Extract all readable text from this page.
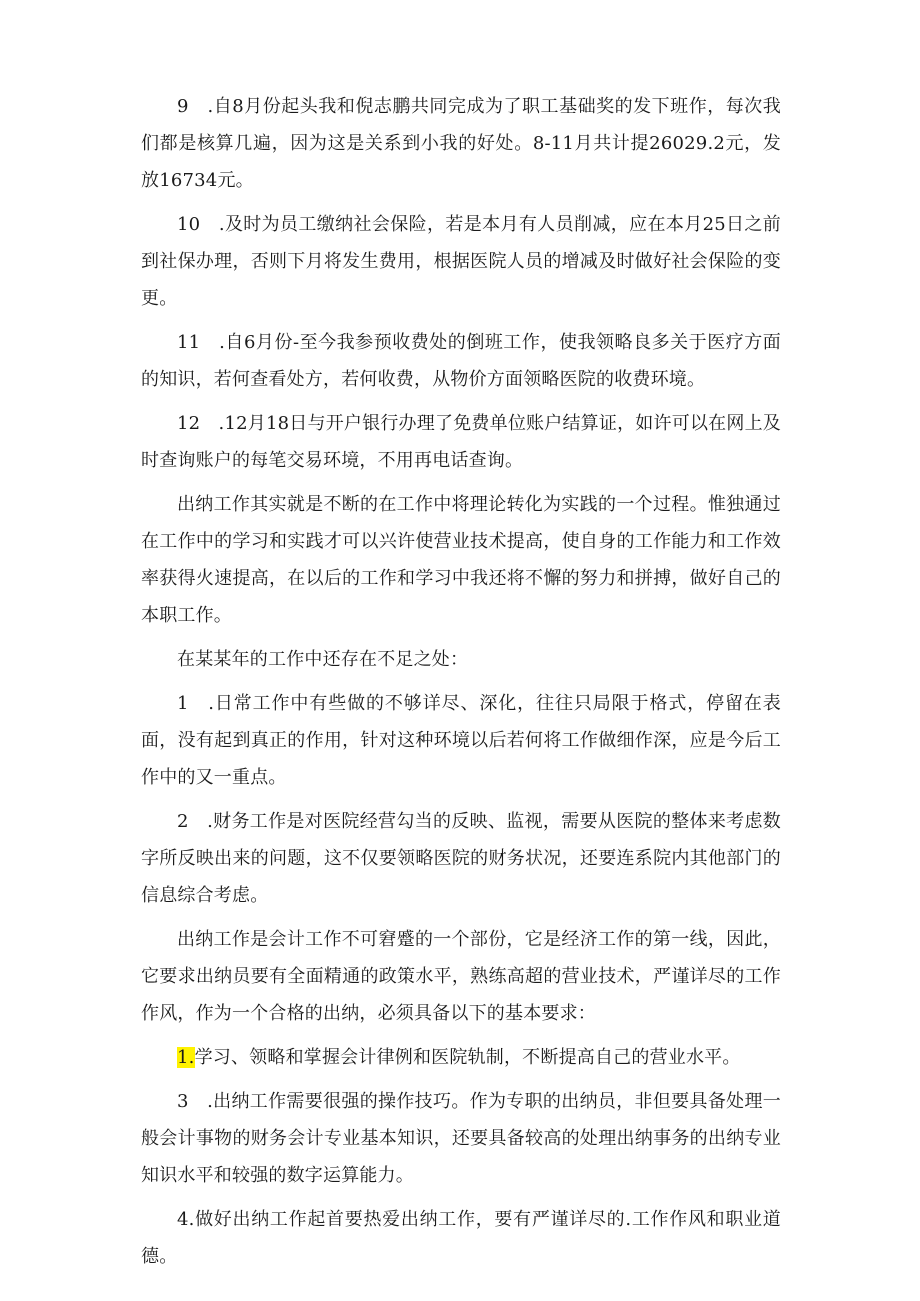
9　.自8月份起头我和倪志鹏共同完成为了职工基础奖的发下班作，每次我们都是核算几遍，因为这是关系到小我的好处。8-11月共计提26029.2元，发放16734元。

10　.及时为员工缴纳社会保险，若是本月有人员削减，应在本月25日之前到社保办理，否则下月将发生费用，根据医院人员的增减及时做好社会保险的变更。

11　.自6月份-至今我参预收费处的倒班工作，使我领略良多关于医疗方面的知识，若何查看处方，若何收费，从物价方面领略医院的收费环境。

12　.12月18日与开户银行办理了免费单位账户结算证，如许可以在网上及时查询账户的每笔交易环境，不用再电话查询。

出纳工作其实就是不断的在工作中将理论转化为实践的一个过程。惟独通过在工作中的学习和实践才可以兴许使营业技术提高，使自身的工作能力和工作效率获得火速提高，在以后的工作和学习中我还将不懈的努力和拼搏，做好自己的本职工作。

在某某年的工作中还存在不足之处：

1　.日常工作中有些做的不够详尽、深化，往往只局限于格式，停留在表面，没有起到真正的作用，针对这种环境以后若何将工作做细作深，应是今后工作中的又一重点。

2　.财务工作是对医院经营勾当的反映、监视，需要从医院的整体来考虑数字所反映出来的问题，这不仅要领略医院的财务状况，还要连系院内其他部门的信息综合考虑。

出纳工作是会计工作不可窘蹙的一个部份，它是经济工作的第一线，因此，它要求出纳员要有全面精通的政策水平，熟练高超的营业技术，严谨详尽的工作作风，作为一个合格的出纳，必须具备以下的基本要求：

1.学习、领略和掌握会计律例和医院轨制，不断提高自己的营业水平。

3　.出纳工作需要很强的操作技巧。作为专职的出纳员，非但要具备处理一般会计事物的财务会计专业基本知识，还要具备较高的处理出纳事务的出纳专业知识水平和较强的数字运算能力。

4.做好出纳工作起首要热爱出纳工作，要有严谨详尽的.工作作风和职业道德。
